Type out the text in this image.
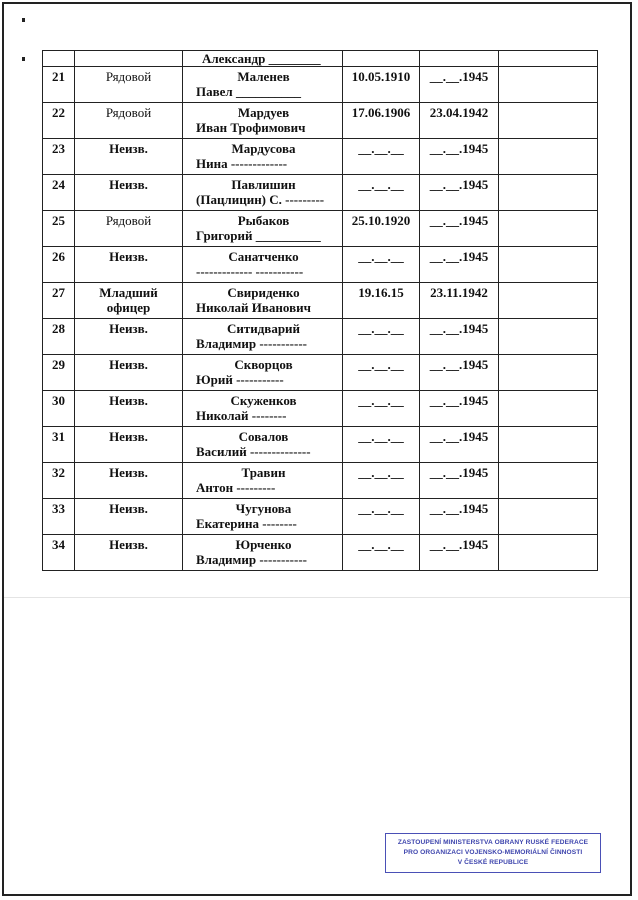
		Александр ________			

21	Рядовой	Маленев
Павел __________	10.05.1910	__.__.1945	
22	Рядовой	Мардуев
Иван Трофимович	17.06.1906	23.04.1942	
23	Неизв.	Мардусова
Нина -------------	__.__.__	__.__.1945	
24	Неизв.	Павлишин
(Пацлицин) С. ---------	__.__.__	__.__.1945	
25	Рядовой	Рыбаков
Григорий __________	25.10.1920	__.__.1945	
26	Неизв.	Санатченко
------------- -----------	__.__.__	__.__.1945	
27	Младший офицер	Свириденко
Николай Иванович	19.16.15	23.11.1942	
28	Неизв.	Ситидварий
Владимир -----------	__.__.__	__.__.1945	
29	Неизв.	Скворцов
Юрий -----------	__.__.__	__.__.1945	
30	Неизв.	Скуженков
Николай --------	__.__.__	__.__.1945	
31	Неизв.	Совалов
Василий --------------	__.__.__	__.__.1945	
32	Неизв.	Травин
Антон ---------	__.__.__	__.__.1945	
33	Неизв.	Чугунова
Екатерина --------	__.__.__	__.__.1945	
34	Неизв.	Юрченко
Владимир -----------	__.__.__	__.__.1945	
ZASTOUPENÍ MINISTERSTVA OBRANY RUSKÉ FEDERACE
PRO ORGANIZACI VOJENSKO-MEMORIÁLNÍ ČINNOSTI
V ČESKÉ REPUBLICE
